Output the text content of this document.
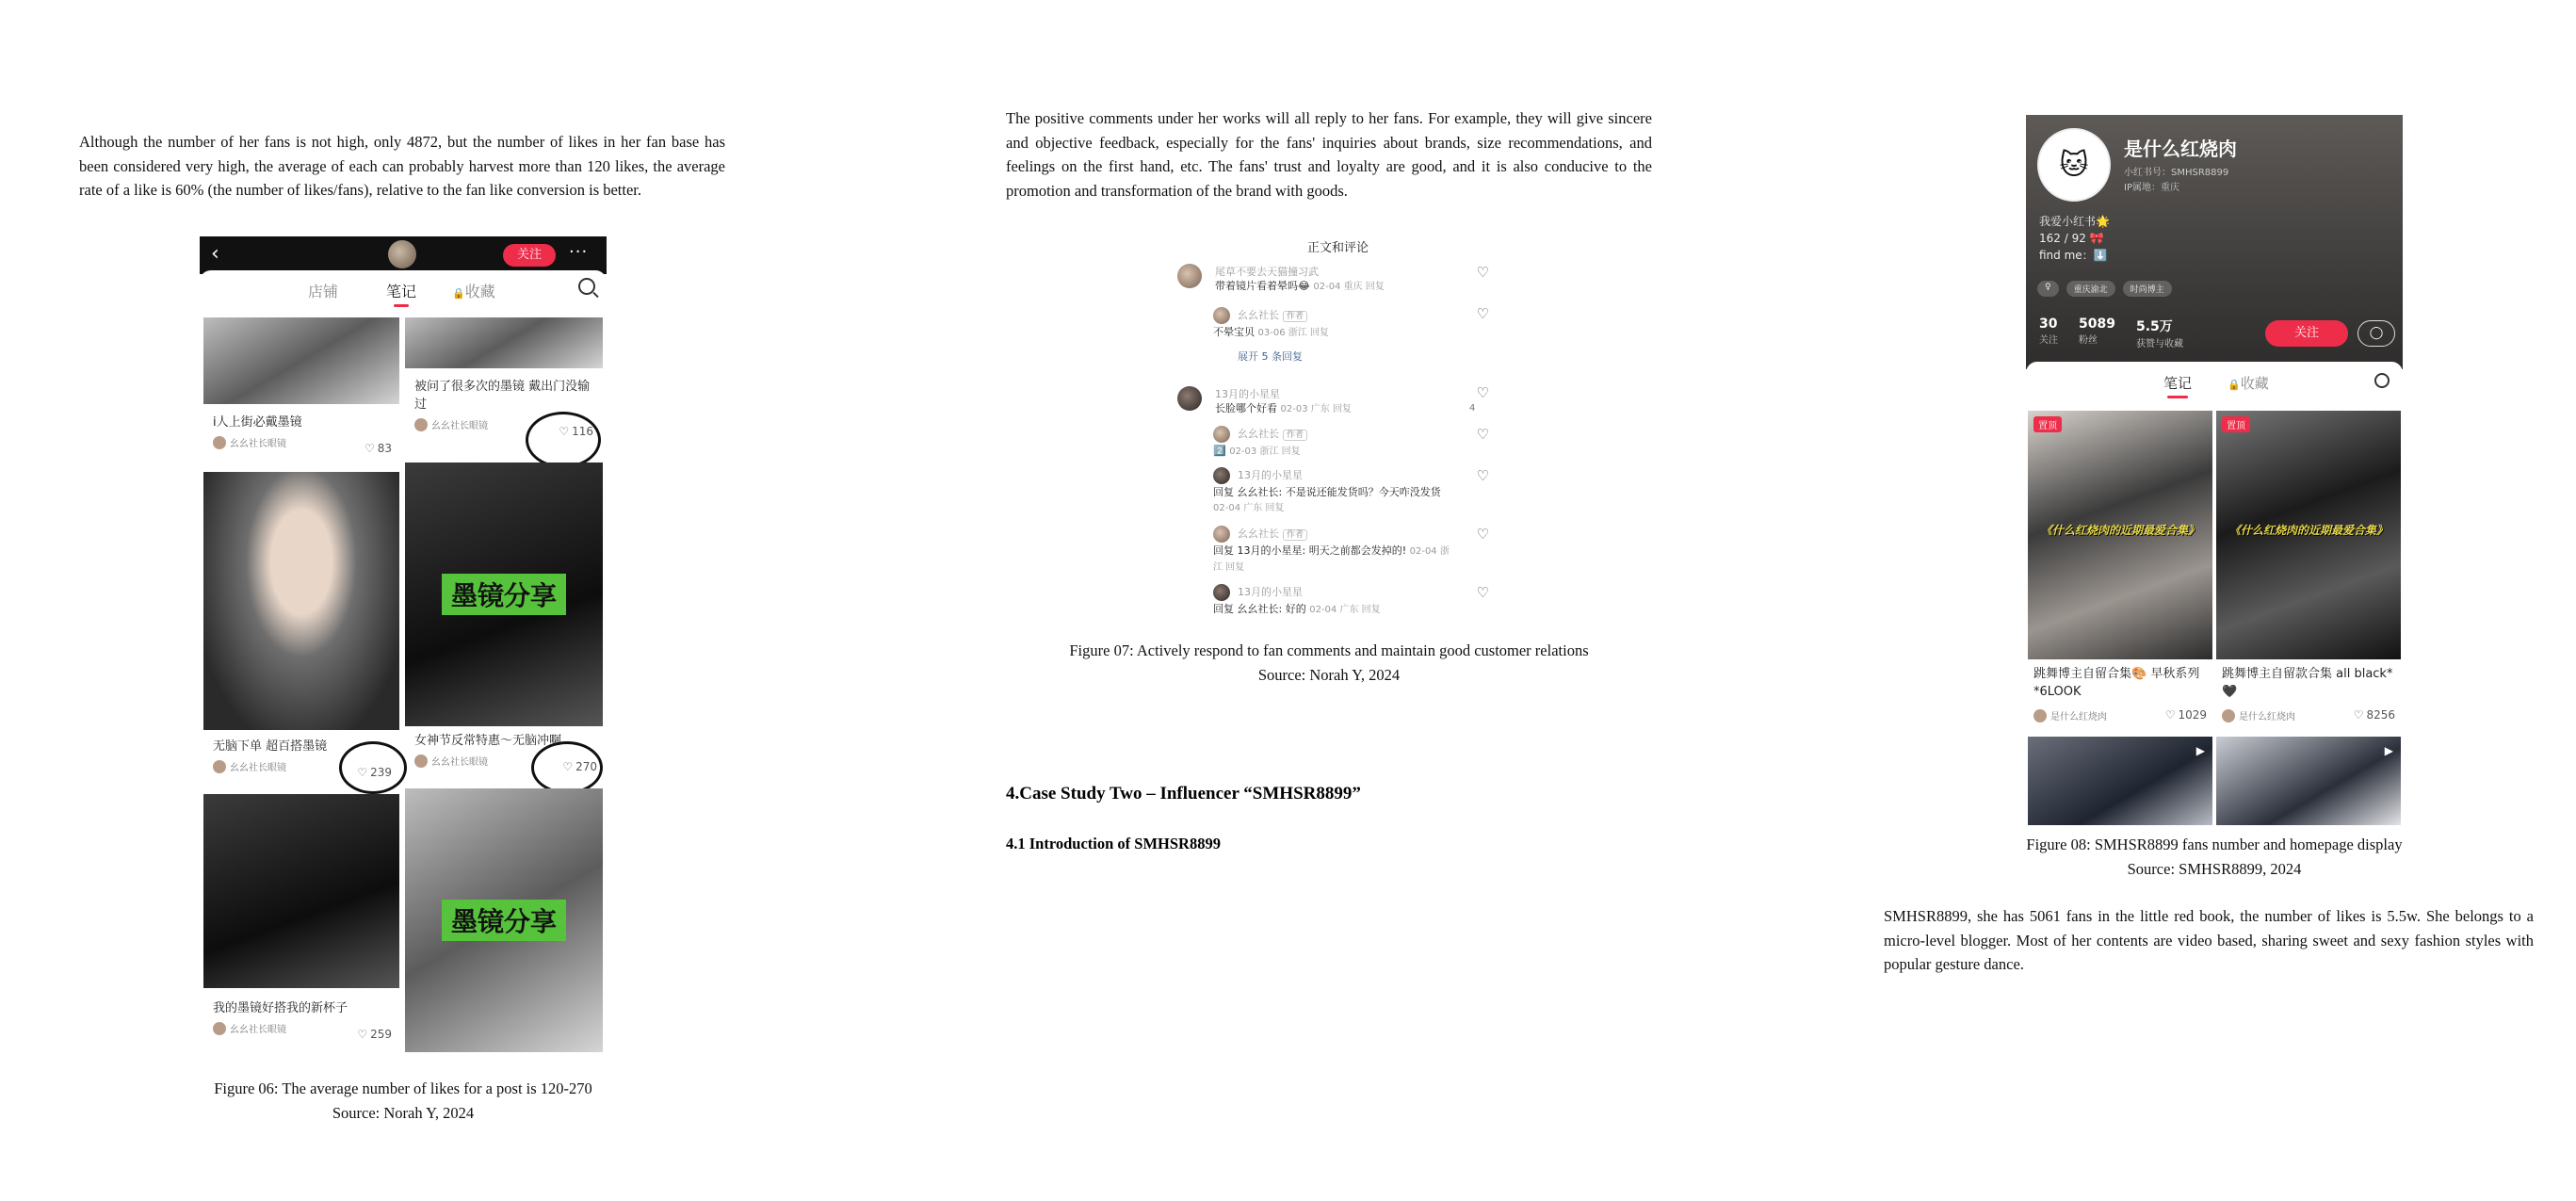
Although the number of her fans is not high, only 4872, but the number of likes in her fan base has been considered very high, the average of each can probably harvest more than 120 likes, the average rate of a like is 60% (the number of likes/fans), relative to the fan like conversion is better.

‹	关注	···
店铺	笔记	🔒收藏
i人上街必戴墨镜
幺幺社长眼镜	♡ 83
无脑下单 超百搭墨镜
幺幺社长眼镜	♡ 239
我的墨镜好搭我的新杯子
幺幺社长眼镜	♡ 259
被问了很多次的墨镜 戴出门没输过
幺幺社长眼镜	♡ 116
墨镜分享
女神节反常特惠～无脑冲啊
幺幺社长眼镜	♡ 270
墨镜分享
Figure 06: The average number of likes for a post is 120-270
Source: Norah Y, 2024

The positive comments under her works will all reply to her fans. For example, they will give sincere and objective feedback, especially for the fans' inquiries about brands, size recommendations, and feelings on the first hand, etc. The fans' trust and loyalty are good, and it is also conducive to the promotion and transformation of the brand with goods.

正文和评论
尾草不要去天猫撞习武
带着镜片看着晕吗😂 02-04 重庆 回复
♡
幺幺社长 作者
不晕宝贝 03-06 浙江 回复
♡
展开 5 条回复
13月的小星星
长脸哪个好看 02-03 广东 回复
♡
4
幺幺社长 作者
2️⃣ 02-03 浙江 回复
♡
13月的小星星
回复 幺幺社长: 不是说还能发货吗？今天咋没发货 02-04 广东 回复
♡
幺幺社长 作者
回复 13月的小星星: 明天之前都会发掉的! 02-04 浙江 回复
♡
13月的小星星
回复 幺幺社长: 好的 02-04 广东 回复
♡
Figure 07: Actively respond to fan comments and maintain good customer relations
Source: Norah Y, 2024
4.Case Study Two – Influencer “SMHSR8899”
4.1 Introduction of SMHSR8899
🐱 是什么红烧肉
小红书号：SMHSR8899
IP属地：重庆
我爱小红书🌟
162 / 92 🎀
find me：⬇️
♀	重庆渝北	时尚博主
30
关注
5089
粉丝
5.5万
获赞与收藏
关注	◯
笔记	🔒收藏
置顶
《什么红烧肉的近期最爱合集》
跳舞博主自留合集🎨 早秋系列*6LOOK
是什么红烧肉	♡ 1029
置顶
《什么红烧肉的近期最爱合集》
跳舞博主自留款合集 all black*🖤
是什么红烧肉	♡ 8256
▶	▶
Figure 08: SMHSR8899 fans number and homepage display
Source: SMHSR8899, 2024

SMHSR8899, she has 5061 fans in the little red book, the number of likes is 5.5w. She belongs to a micro-level blogger. Most of her contents are video based, sharing sweet and sexy fashion styles with popular gesture dance.
